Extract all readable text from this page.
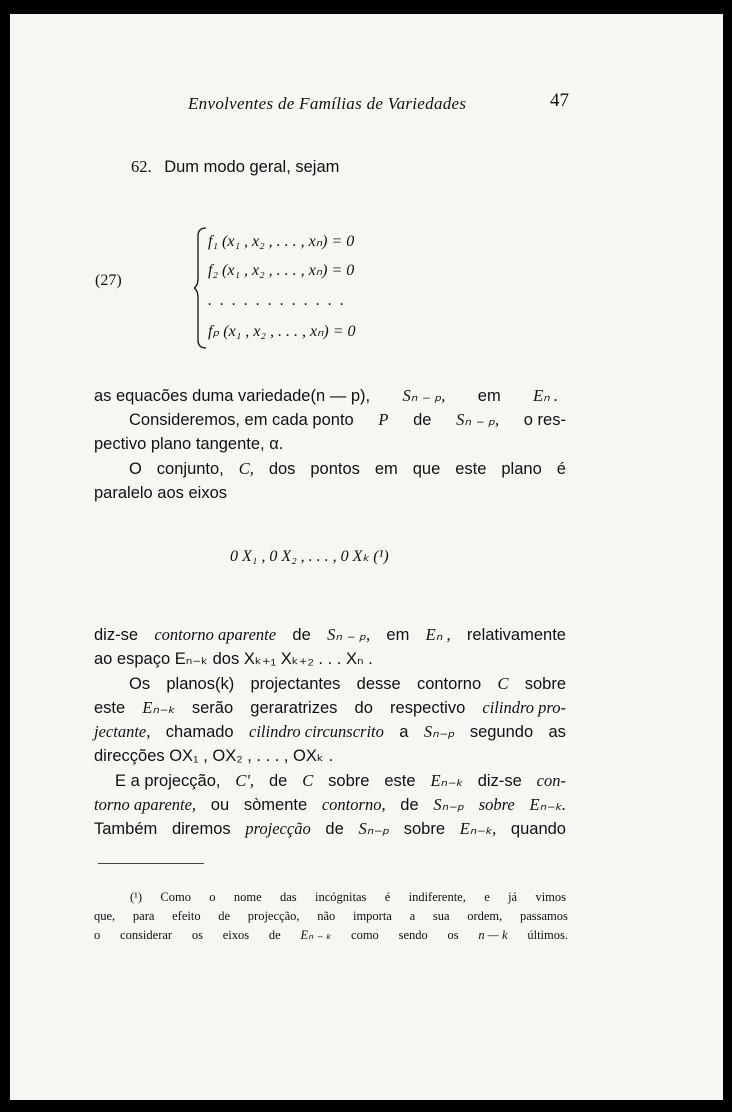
Envolventes de Famílias de Variedades	47
62. Dum modo geral, sejam
(27)
f₁ (x₁ , x₂ , . . . , xₙ) = 0
f₂ (x₁ , x₂ , . . . , xₙ) = 0
. . . . . . . . . . . .
fₚ (x₁ , x₂ , . . . , xₙ) = 0
as equacões duma variedade(n — p), Sₙ ₋ ₚ, em Eₙ .
Consideremos, em cada ponto P de Sₙ ₋ ₚ, o res-
pectivo plano tangente, α.
O conjunto, C, dos pontos em que este plano é
paralelo aos eixos
0 X₁ , 0 X₂ , . . . , 0 Xₖ (¹)
diz-se contorno aparente de Sₙ ₋ ₚ, em Eₙ , relativamente
ao espaço Eₙ₋ₖ dos Xₖ₊₁ Xₖ₊₂ . . . Xₙ .
Os planos(k) projectantes desse contorno C sobre
este Eₙ₋ₖ serão geraratrizes do respectivo cilindro pro-
jectante, chamado cilindro circunscrito a Sₙ₋ₚ segundo as
direcções OX₁ , OX₂ , . . . , OXₖ .
E a projecção, C', de C sobre este Eₙ₋ₖ diz-se con-
torno aparente, ou sòmente contorno, de Sₙ₋ₚ sobre Eₙ₋ₖ.
Também diremos projecção de Sₙ₋ₚ sobre Eₙ₋ₖ, quando
(¹) Como o nome das incógnitas é indiferente, e já vimos
que, para efeito de projecção, não importa a sua ordem, passamos
o considerar os eixos de Eₙ ₋ ₖ como sendo os n — k últimos.
